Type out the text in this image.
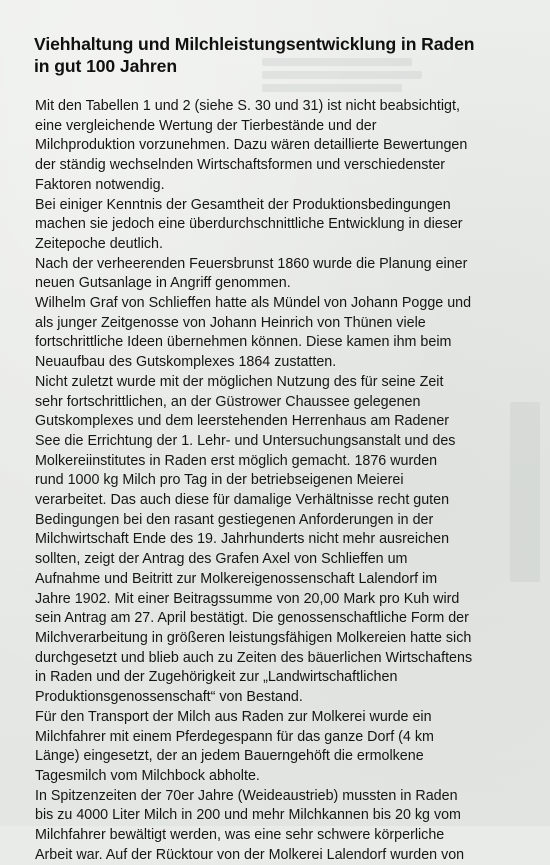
Viehhaltung und Milchleistungsentwicklung in Raden
in gut 100 Jahren

Mit den Tabellen 1 und 2 (siehe S. 30 und 31) ist nicht beabsichtigt,
eine vergleichende Wertung der Tierbestände und der
Milchproduktion vorzunehmen. Dazu wären detaillierte Bewertungen
der ständig wechselnden Wirtschaftsformen und verschiedenster
Faktoren notwendig.

Bei einiger Kenntnis der Gesamtheit der Produktionsbedingungen
machen sie jedoch eine überdurchschnittliche Entwicklung in dieser
Zeitepoche deutlich.

Nach der verheerenden Feuersbrunst 1860 wurde die Planung einer
neuen Gutsanlage in Angriff genommen.

Wilhelm Graf von Schlieffen hatte als Mündel von Johann Pogge und
als junger Zeitgenosse von Johann Heinrich von Thünen viele
fortschrittliche Ideen übernehmen können. Diese kamen ihm beim
Neuaufbau des Gutskomplexes 1864 zustatten.

Nicht zuletzt wurde mit der möglichen Nutzung des für seine Zeit
sehr fortschrittlichen, an der Güstrower Chaussee gelegenen
Gutskomplexes und dem leerstehenden Herrenhaus am Radener
See die Errichtung der 1. Lehr- und Untersuchungsanstalt und des
Molkereiinstitutes in Raden erst möglich gemacht. 1876 wurden
rund 1000 kg Milch pro Tag in der betriebseigenen Meierei
verarbeitet. Das auch diese für damalige Verhältnisse recht guten
Bedingungen bei den rasant gestiegenen Anforderungen in der
Milchwirtschaft Ende des 19. Jahrhunderts nicht mehr ausreichen
sollten, zeigt der Antrag des Grafen Axel von Schlieffen um
Aufnahme und Beitritt zur Molkereigenossenschaft Lalendorf im
Jahre 1902. Mit einer Beitragssumme von 20,00 Mark pro Kuh wird
sein Antrag am 27. April bestätigt. Die genossenschaftliche Form der
Milchverarbeitung in größeren leistungsfähigen Molkereien hatte sich
durchgesetzt und blieb auch zu Zeiten des bäuerlichen Wirtschaftens
in Raden und der Zugehörigkeit zur „Landwirtschaftlichen
Produktionsgenossenschaft“ von Bestand.

Für den Transport der Milch aus Raden zur Molkerei wurde ein
Milchfahrer mit einem Pferdegespann für das ganze Dorf (4 km
Länge) eingesetzt, der an jedem Bauerngehöft die ermolkene
Tagesmilch vom Milchbock abholte.

In Spitzenzeiten der 70er Jahre (Weideaustrieb) mussten in Raden
bis zu 4000 Liter Milch in 200 und mehr Milchkannen bis 20 kg vom
Milchfahrer bewältigt werden, was eine sehr schwere körperliche
Arbeit war. Auf der Rücktour von der Molkerei Lalendorf wurden von
